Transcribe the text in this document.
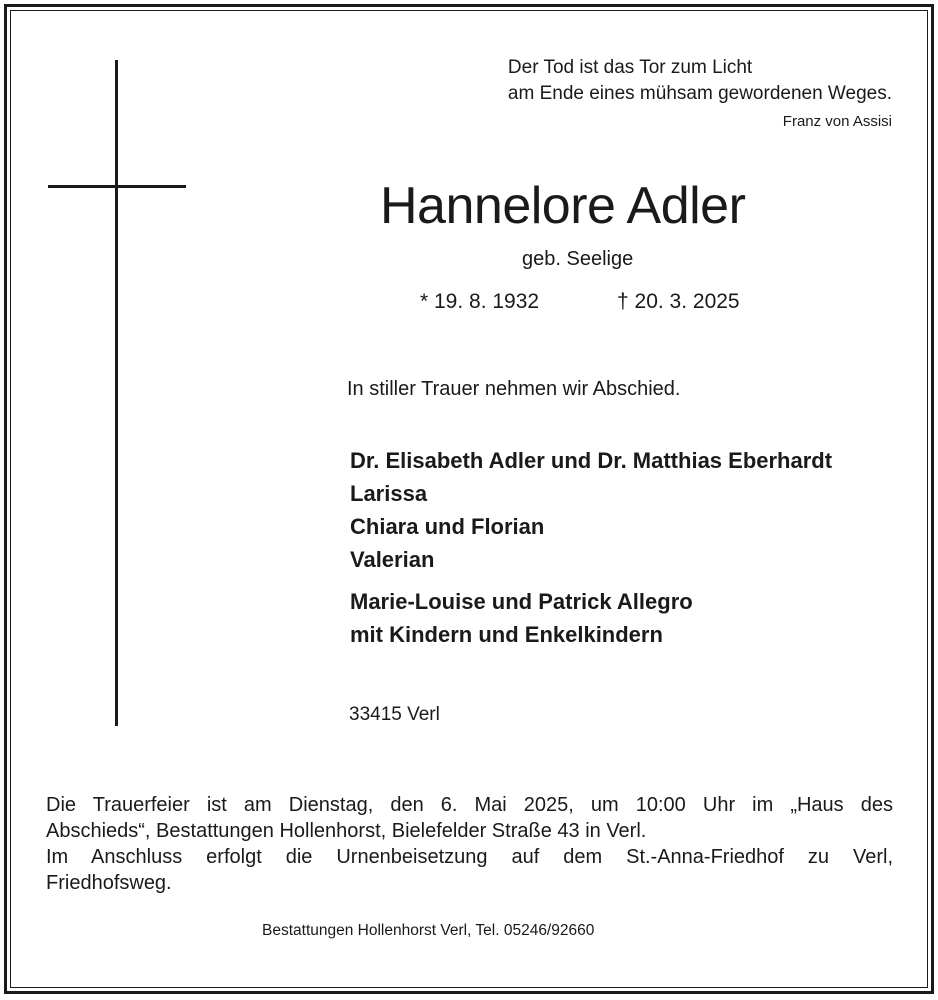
Der Tod ist das Tor zum Licht
am Ende eines mühsam gewordenen Weges.
Franz von Assisi
Hannelore Adler
geb. Seelige
* 19. 8. 1932	† 20. 3. 2025
In stiller Trauer nehmen wir Abschied.
Dr. Elisabeth Adler und Dr. Matthias Eberhardt
Larissa
Chiara und Florian
Valerian
Marie-Louise und Patrick Allegro
mit Kindern und Enkelkindern
33415 Verl

Die Trauerfeier ist am Dienstag, den 6. Mai 2025, um 10:00 Uhr im „Haus des

Abschieds“, Bestattungen Hollenhorst, Bielefelder Straße 43 in Verl.

Im Anschluss erfolgt die Urnenbeisetzung auf dem St.-Anna-Friedhof zu Verl,

Friedhofsweg.

Bestattungen Hollenhorst Verl, Tel. 05246/92660
